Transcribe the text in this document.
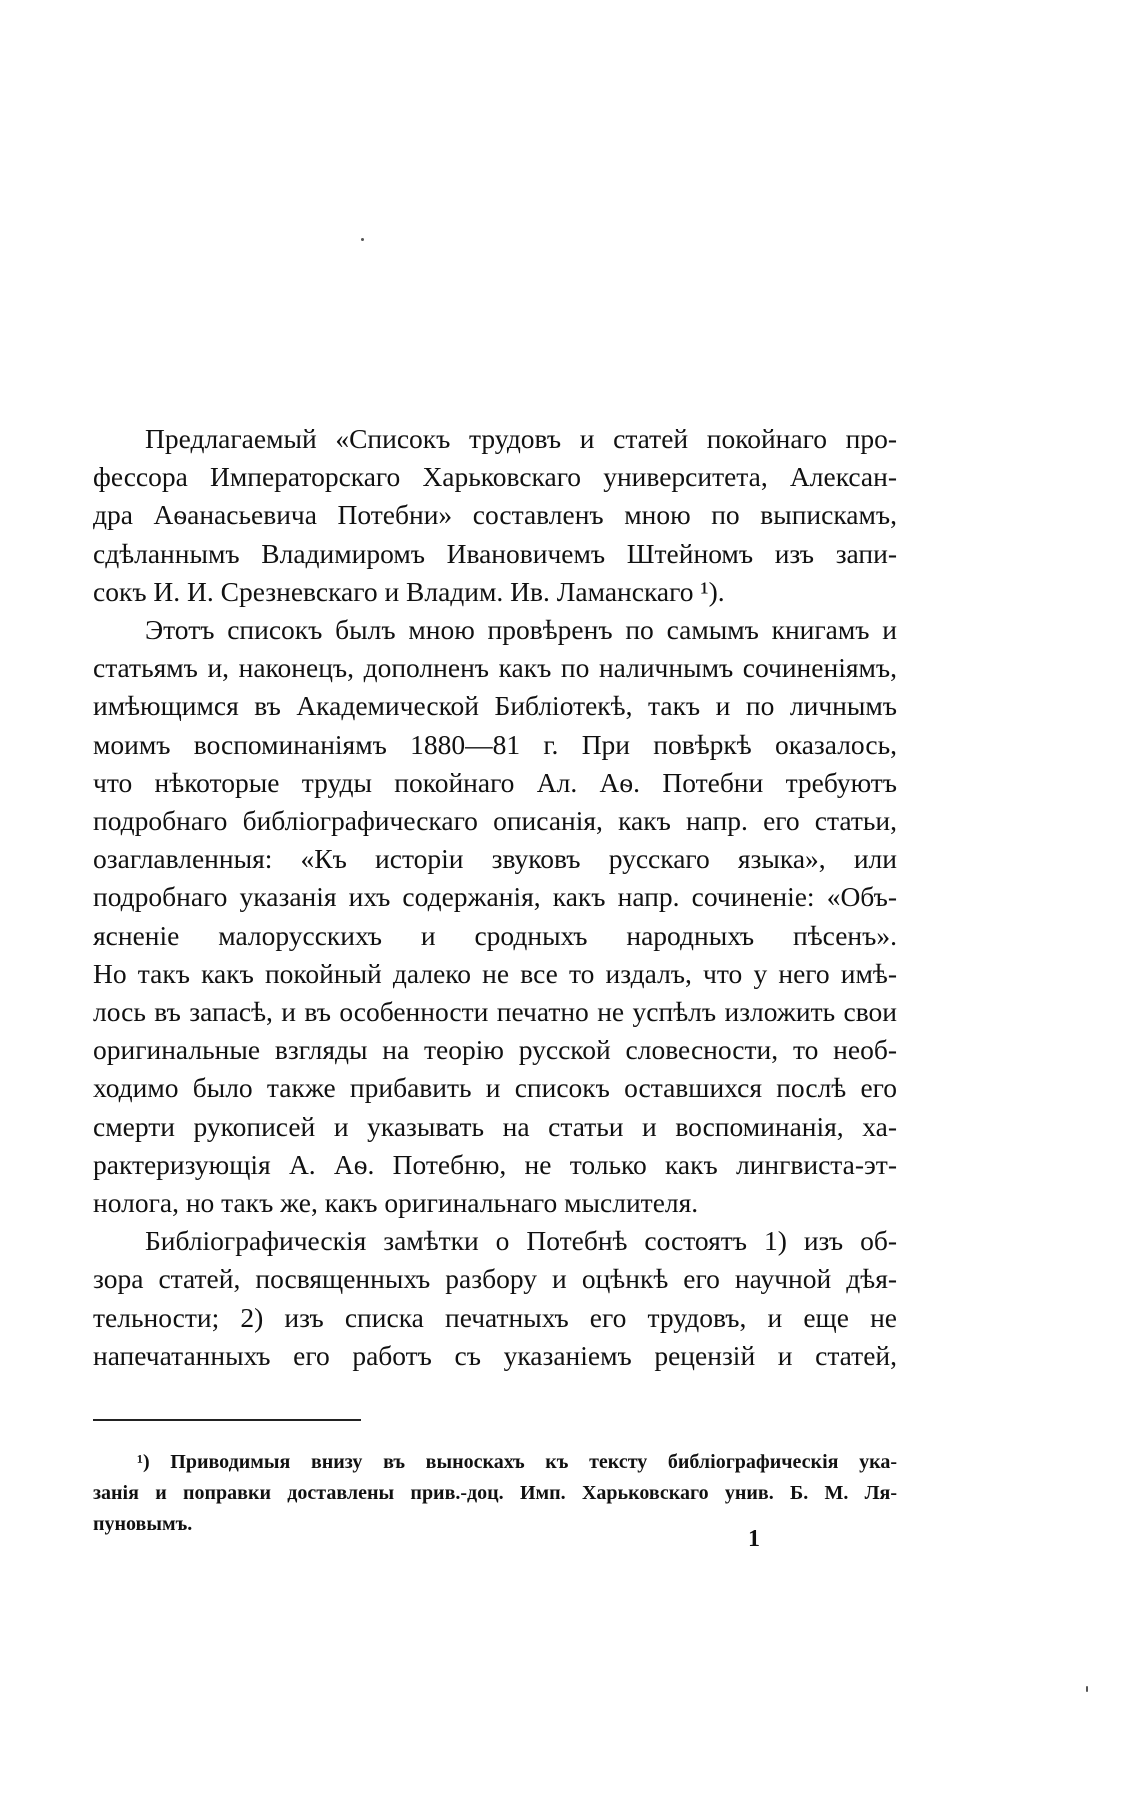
Предлагаемый «Списокъ трудовъ и статей покойнаго про-
фессора Императорскаго Харьковскаго университета, Алексан-
дра Аѳанасьевича Потебни» составленъ мною по выпискамъ,
сдѣланнымъ Владимиромъ Ивановичемъ Штейномъ изъ запи-
сокъ И. И. Срезневскаго и Владим. Ив. Ламанскаго ¹).
Этотъ списокъ былъ мною провѣренъ по самымъ книгамъ и
статьямъ и, наконецъ, дополненъ какъ по наличнымъ сочиненіямъ,
имѣющимся въ Академической Библіотекѣ, такъ и по личнымъ
моимъ воспоминаніямъ 1880—81 г. При повѣркѣ оказалось,
что нѣкоторые труды покойнаго Ал. Аѳ. Потебни требуютъ
подробнаго библіографическаго описанія, какъ напр. его статьи,
озаглавленныя: «Къ исторіи звуковъ русскаго языка», или
подробнаго указанія ихъ содержанія, какъ напр. сочиненіе: «Объ-
ясненіе малорусскихъ и сродныхъ народныхъ пѣсенъ».
Но такъ какъ покойный далеко не все то издалъ, что у него имѣ-
лось въ запасѣ, и въ особенности печатно не успѣлъ изложить свои
оригинальные взгляды на теорію русской словесности, то необ-
ходимо было также прибавить и списокъ оставшихся послѣ его
смерти рукописей и указывать на статьи и воспоминанія, ха-
рактеризующія А. Аѳ. Потебню, не только какъ лингвиста-эт-
нолога, но такъ же, какъ оригинальнаго мыслителя.
Библіографическія замѣтки о Потебнѣ состоятъ 1) изъ об-
зора статей, посвященныхъ разбору и оцѣнкѣ его научной дѣя-
тельности; 2) изъ списка печатныхъ его трудовъ, и еще не
напечатанныхъ его работъ съ указаніемъ рецензій и статей,
¹) Приводимыя внизу въ выноскахъ къ тексту библіографическія ука-
занія и поправки доставлены прив.-доц. Имп. Харьковскаго унив. Б. М. Ля-
пуновымъ.
1
